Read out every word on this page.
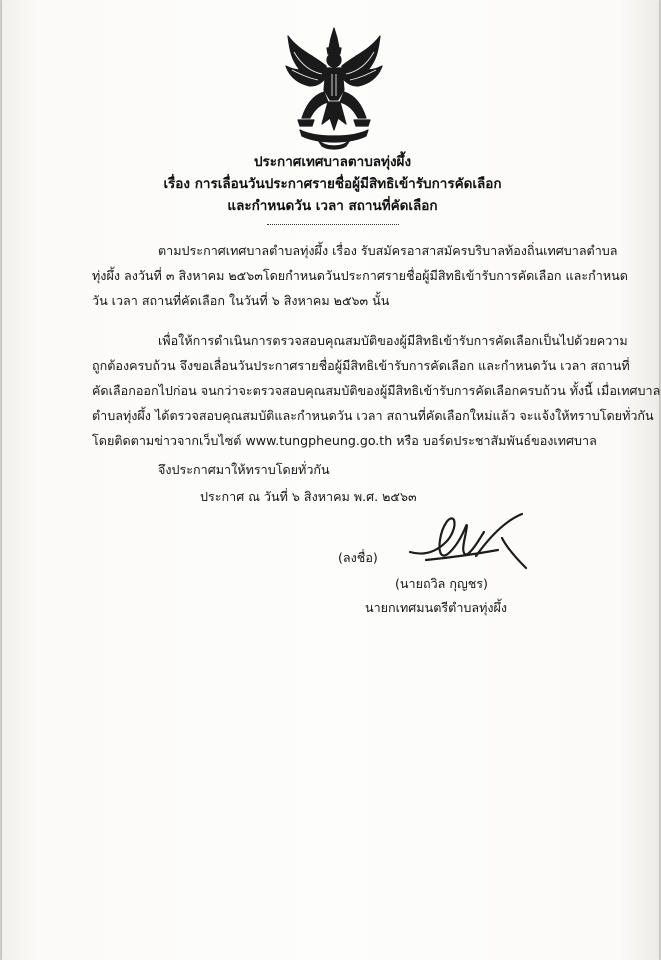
ประกาศเทศบาลตาบลทุ่งผึ้ง
เรื่อง การเลื่อนวันประกาศรายชื่อผู้มีสิทธิเข้ารับการคัดเลือก
และกำหนดวัน เวลา สถานที่คัดเลือก
ตามประกาศเทศบาลตำบลทุ่งผึ้ง เรื่อง รับสมัครอาสาสมัครบริบาลท้องถิ่นเทศบาลตำบล
ทุ่งผึ้ง ลงวันที่ ๓ สิงหาคม ๒๕๖๓โดยกำหนดวันประกาศรายชื่อผู้มีสิทธิเข้ารับการคัดเลือก และกำหนด
วัน เวลา สถานที่คัดเลือก ในวันที่ ๖ สิงหาคม ๒๕๖๓ นั้น
เพื่อให้การดำเนินการตรวจสอบคุณสมบัติของผู้มีสิทธิเข้ารับการคัดเลือกเป็นไปด้วยความ
ถูกต้องครบถ้วน จึงขอเลื่อนวันประกาศรายชื่อผู้มีสิทธิเข้ารับการคัดเลือก และกำหนดวัน เวลา สถานที่
คัดเลือกออกไปก่อน จนกว่าจะตรวจสอบคุณสมบัติของผู้มีสิทธิเข้ารับการคัดเลือกครบถ้วน ทั้งนี้ เมื่อเทศบาล
ตำบลทุ่งผึ้ง ได้ตรวจสอบคุณสมบัติและกำหนดวัน เวลา สถานที่คัดเลือกใหม่แล้ว จะแจ้งให้ทราบโดยทั่วกัน
โดยติดตามข่าวจากเว็บไซต์ www.tungpheung.go.th หรือ บอร์ดประชาสัมพันธ์ของเทศบาล
จึงประกาศมาให้ทราบโดยทั่วกัน
ประกาศ ณ วันที่ ๖ สิงหาคม พ.ศ. ๒๕๖๓
(ลงชื่อ)
(นายถวิล กุญชร)
นายกเทศมนตรีตำบลทุ่งผึ้ง
